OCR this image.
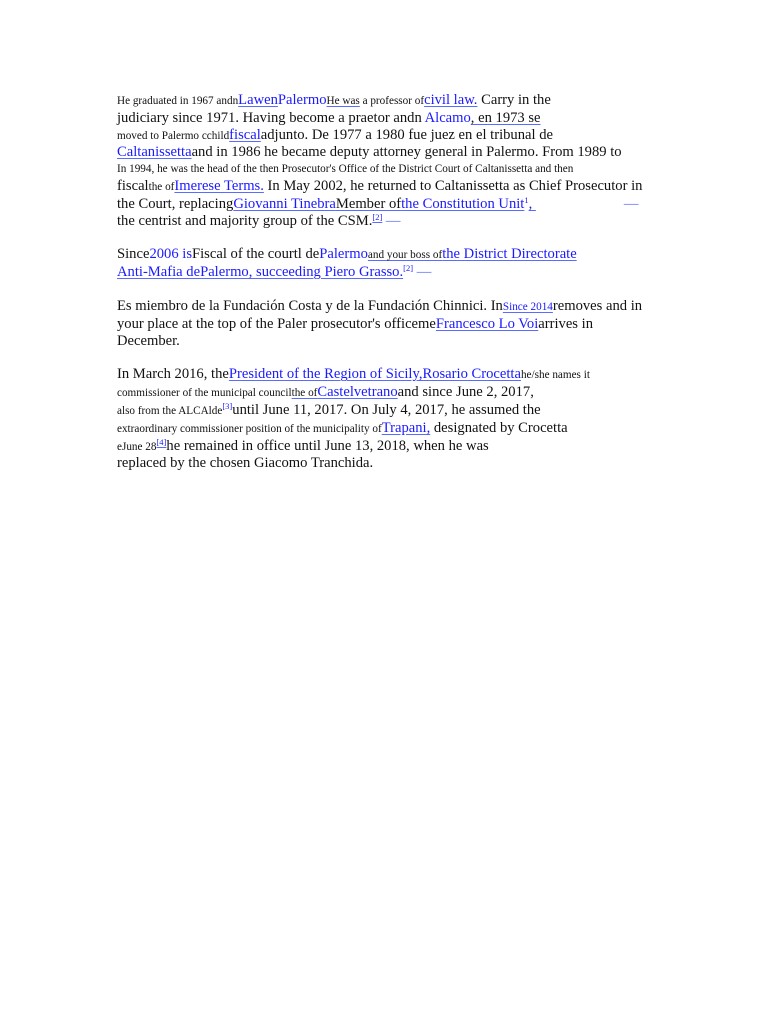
He graduated in 1967 andnLawenPalermoHe was a professor ofcivil law. Carry in the
judiciary since 1971. Having become a praetor andn Alcamo, en 1973 se
moved to Palermo cchildfiscaladjunto. De 1977 a 1980 fue juez en el tribunal de
Caltanissettaand in 1986 he became deputy attorney general in Palermo. From 1989 to
In 1994, he was the head of the then Prosecutor's Office of the District Court of Caltanissetta and then
fiscalthe ofImerese Terms. In May 2002, he returned to Caltanissetta as Chief Prosecutor in
the Court, replacingGiovanni TinebraMember ofthe Constitution Unit$^1$,	—
the centrist and majority group of the CSM.[2] —
Since2006 isFiscal of the courtl dePalermoand your boss ofthe District Directorate
Anti-Mafia dePalermo, succeeding Piero Grasso.[2] —
Es miembro de la Fundación Costa y de la Fundación Chinnici. InSince 2014removes and in
your place at the top of the Paler prosecutor's officemeFrancesco Lo Voiarrives in
December.
In March 2016, thePresident of the Region of Sicily,Rosario Crocettahe/she names it
commissioner of the municipal councilthe ofCastelvetranoand since June 2, 2017,
also from the ALCAlde[3]until June 11, 2017. On July 4, 2017, he assumed the
extraordinary commissioner position of the municipality ofTrapani, designated by Crocetta
eJune 28[4]he remained in office until June 13, 2018, when he was
replaced by the chosen Giacomo Tranchida.
